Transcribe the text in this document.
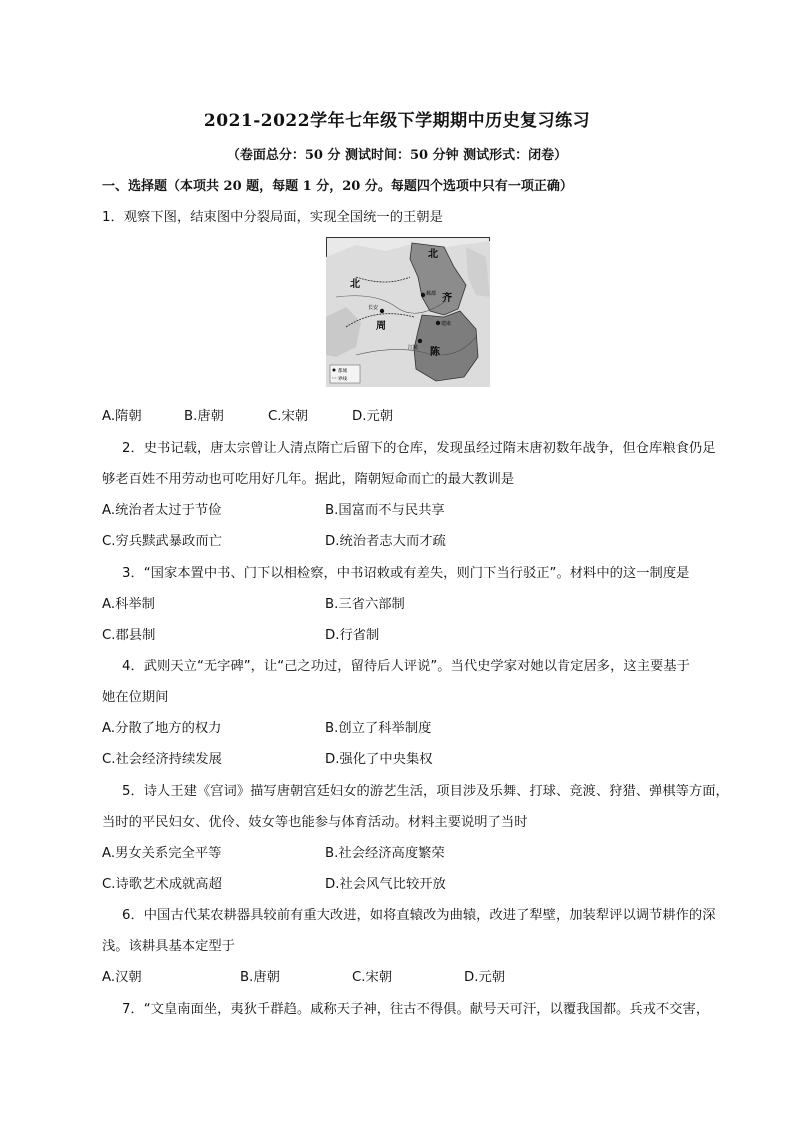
2021-2022学年七年级下学期期中历史复习练习
（卷面总分：50 分 测试时间：50 分钟 测试形式：闭卷）
一、选择题（本项共 20 题，每题 1 分，20 分。每题四个选项中只有一项正确）
1．观察下图，结束图中分裂局面，实现全国统一的王朝是
北
周
北
齐
陈
长安
邺都
建康
江陵
都城
界线
A.隋朝	B.唐朝	C.宋朝	D.元朝
2．史书记载，唐太宗曾让人清点隋亡后留下的仓库，发现虽经过隋末唐初数年战争，但仓库粮食仍足
够老百姓不用劳动也可吃用好几年。据此，隋朝短命而亡的最大教训是
A.统治者太过于节俭	B.国富而不与民共享
C.穷兵黩武暴政而亡	D.统治者志大而才疏
3．“国家本置中书、门下以相检察，中书诏敕或有差失，则门下当行驳正”。材料中的这一制度是
A.科举制	B.三省六部制
C.郡县制	D.行省制
4．武则天立“无字碑”，让“己之功过，留待后人评说”。当代史学家对她以肯定居多，这主要基于
她在位期间
A.分散了地方的权力	B.创立了科举制度
C.社会经济持续发展	D.强化了中央集权
5．诗人王建《宫词》描写唐朝宫廷妇女的游艺生活，项目涉及乐舞、打球、竞渡、狩猎、弹棋等方面，
当时的平民妇女、优伶、妓女等也能参与体育活动。材料主要说明了当时
A.男女关系完全平等	B.社会经济高度繁荣
C.诗歌艺术成就高超	D.社会风气比较开放
6．中国古代某农耕器具较前有重大改进，如将直辕改为曲辕，改进了犁壁，加装犁评以调节耕作的深
浅。该耕具基本定型于
A.汉朝	B.唐朝	C.宋朝	D.元朝
7．“文皇南面坐，夷狄千群趋。咸称天子神，往古不得俱。献号天可汗，以覆我国都。兵戎不交害，
